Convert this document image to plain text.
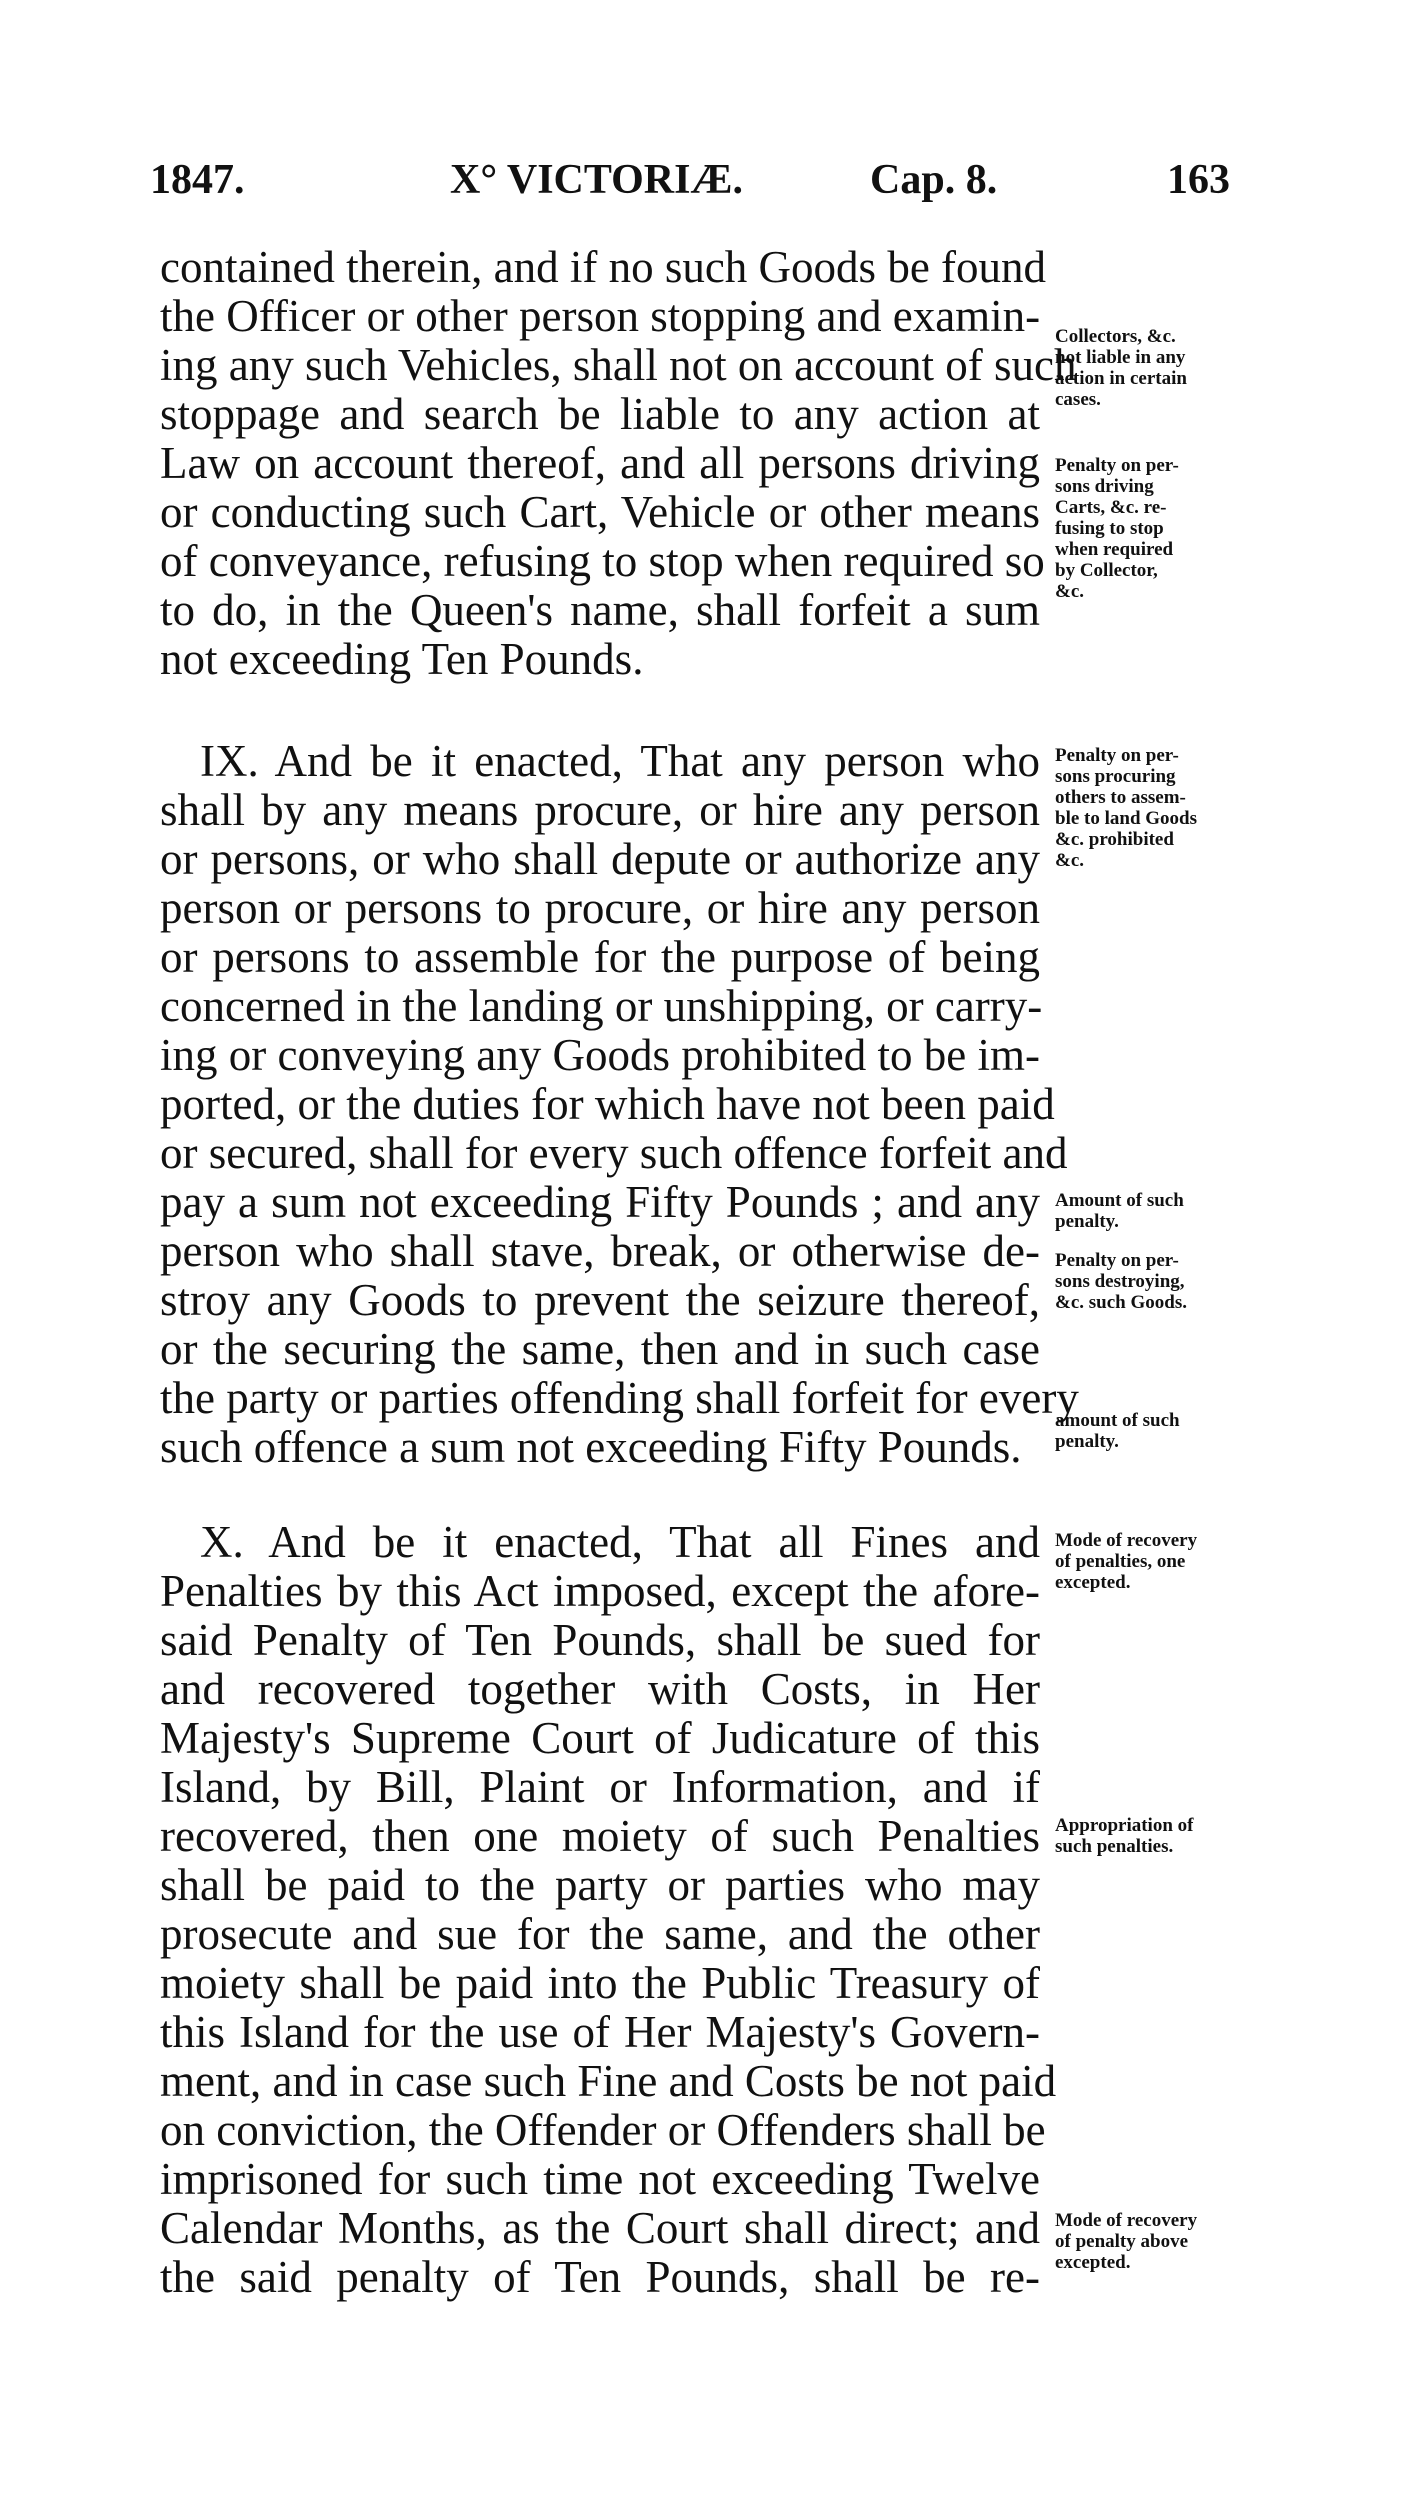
1847.	X° VICTORIÆ.	Cap. 8.	163
contained therein, and if no such Goods be found
the Officer or other person stopping and examin-
ing any such Vehicles, shall not on account of such
stoppage and search be liable to any action at
Law on account thereof, and all persons driving
or conducting such Cart, Vehicle or other means
of conveyance, refusing to stop when required so
to do, in the Queen's name, shall forfeit a sum
not exceeding Ten Pounds.
IX. And be it enacted, That any person who
shall by any means procure, or hire any person
or persons, or who shall depute or authorize any
person or persons to procure, or hire any person
or persons to assemble for the purpose of being
concerned in the landing or unshipping, or carry-
ing or conveying any Goods prohibited to be im-
ported, or the duties for which have not been paid
or secured, shall for every such offence forfeit and
pay a sum not exceeding Fifty Pounds ; and any
person who shall stave, break, or otherwise de-
stroy any Goods to prevent the seizure thereof,
or the securing the same, then and in such case
the party or parties offending shall forfeit for every
such offence a sum not exceeding Fifty Pounds.
X. And be it enacted, That all Fines and
Penalties by this Act imposed, except the afore-
said Penalty of Ten Pounds, shall be sued for
and recovered together with Costs, in Her
Majesty's Supreme Court of Judicature of this
Island, by Bill, Plaint or Information, and if
recovered, then one moiety of such Penalties
shall be paid to the party or parties who may
prosecute and sue for the same, and the other
moiety shall be paid into the Public Treasury of
this Island for the use of Her Majesty's Govern-
ment, and in case such Fine and Costs be not paid
on conviction, the Offender or Offenders shall be
imprisoned for such time not exceeding Twelve
Calendar Months, as the Court shall direct; and
the said penalty of Ten Pounds, shall be re-
Collectors, &c.
not liable in any
action in certain
cases.
Penalty on per-
sons driving
Carts, &c. re-
fusing to stop
when required
by Collector,
&c.
Penalty on per-
sons procuring
others to assem-
ble to land Goods
&c. prohibited
&c.
Amount of such
penalty.
Penalty on per-
sons destroying,
&c. such Goods.
amount of such
penalty.
Mode of recovery
of penalties, one
excepted.
Appropriation of
such penalties.
Mode of recovery
of penalty above
excepted.
